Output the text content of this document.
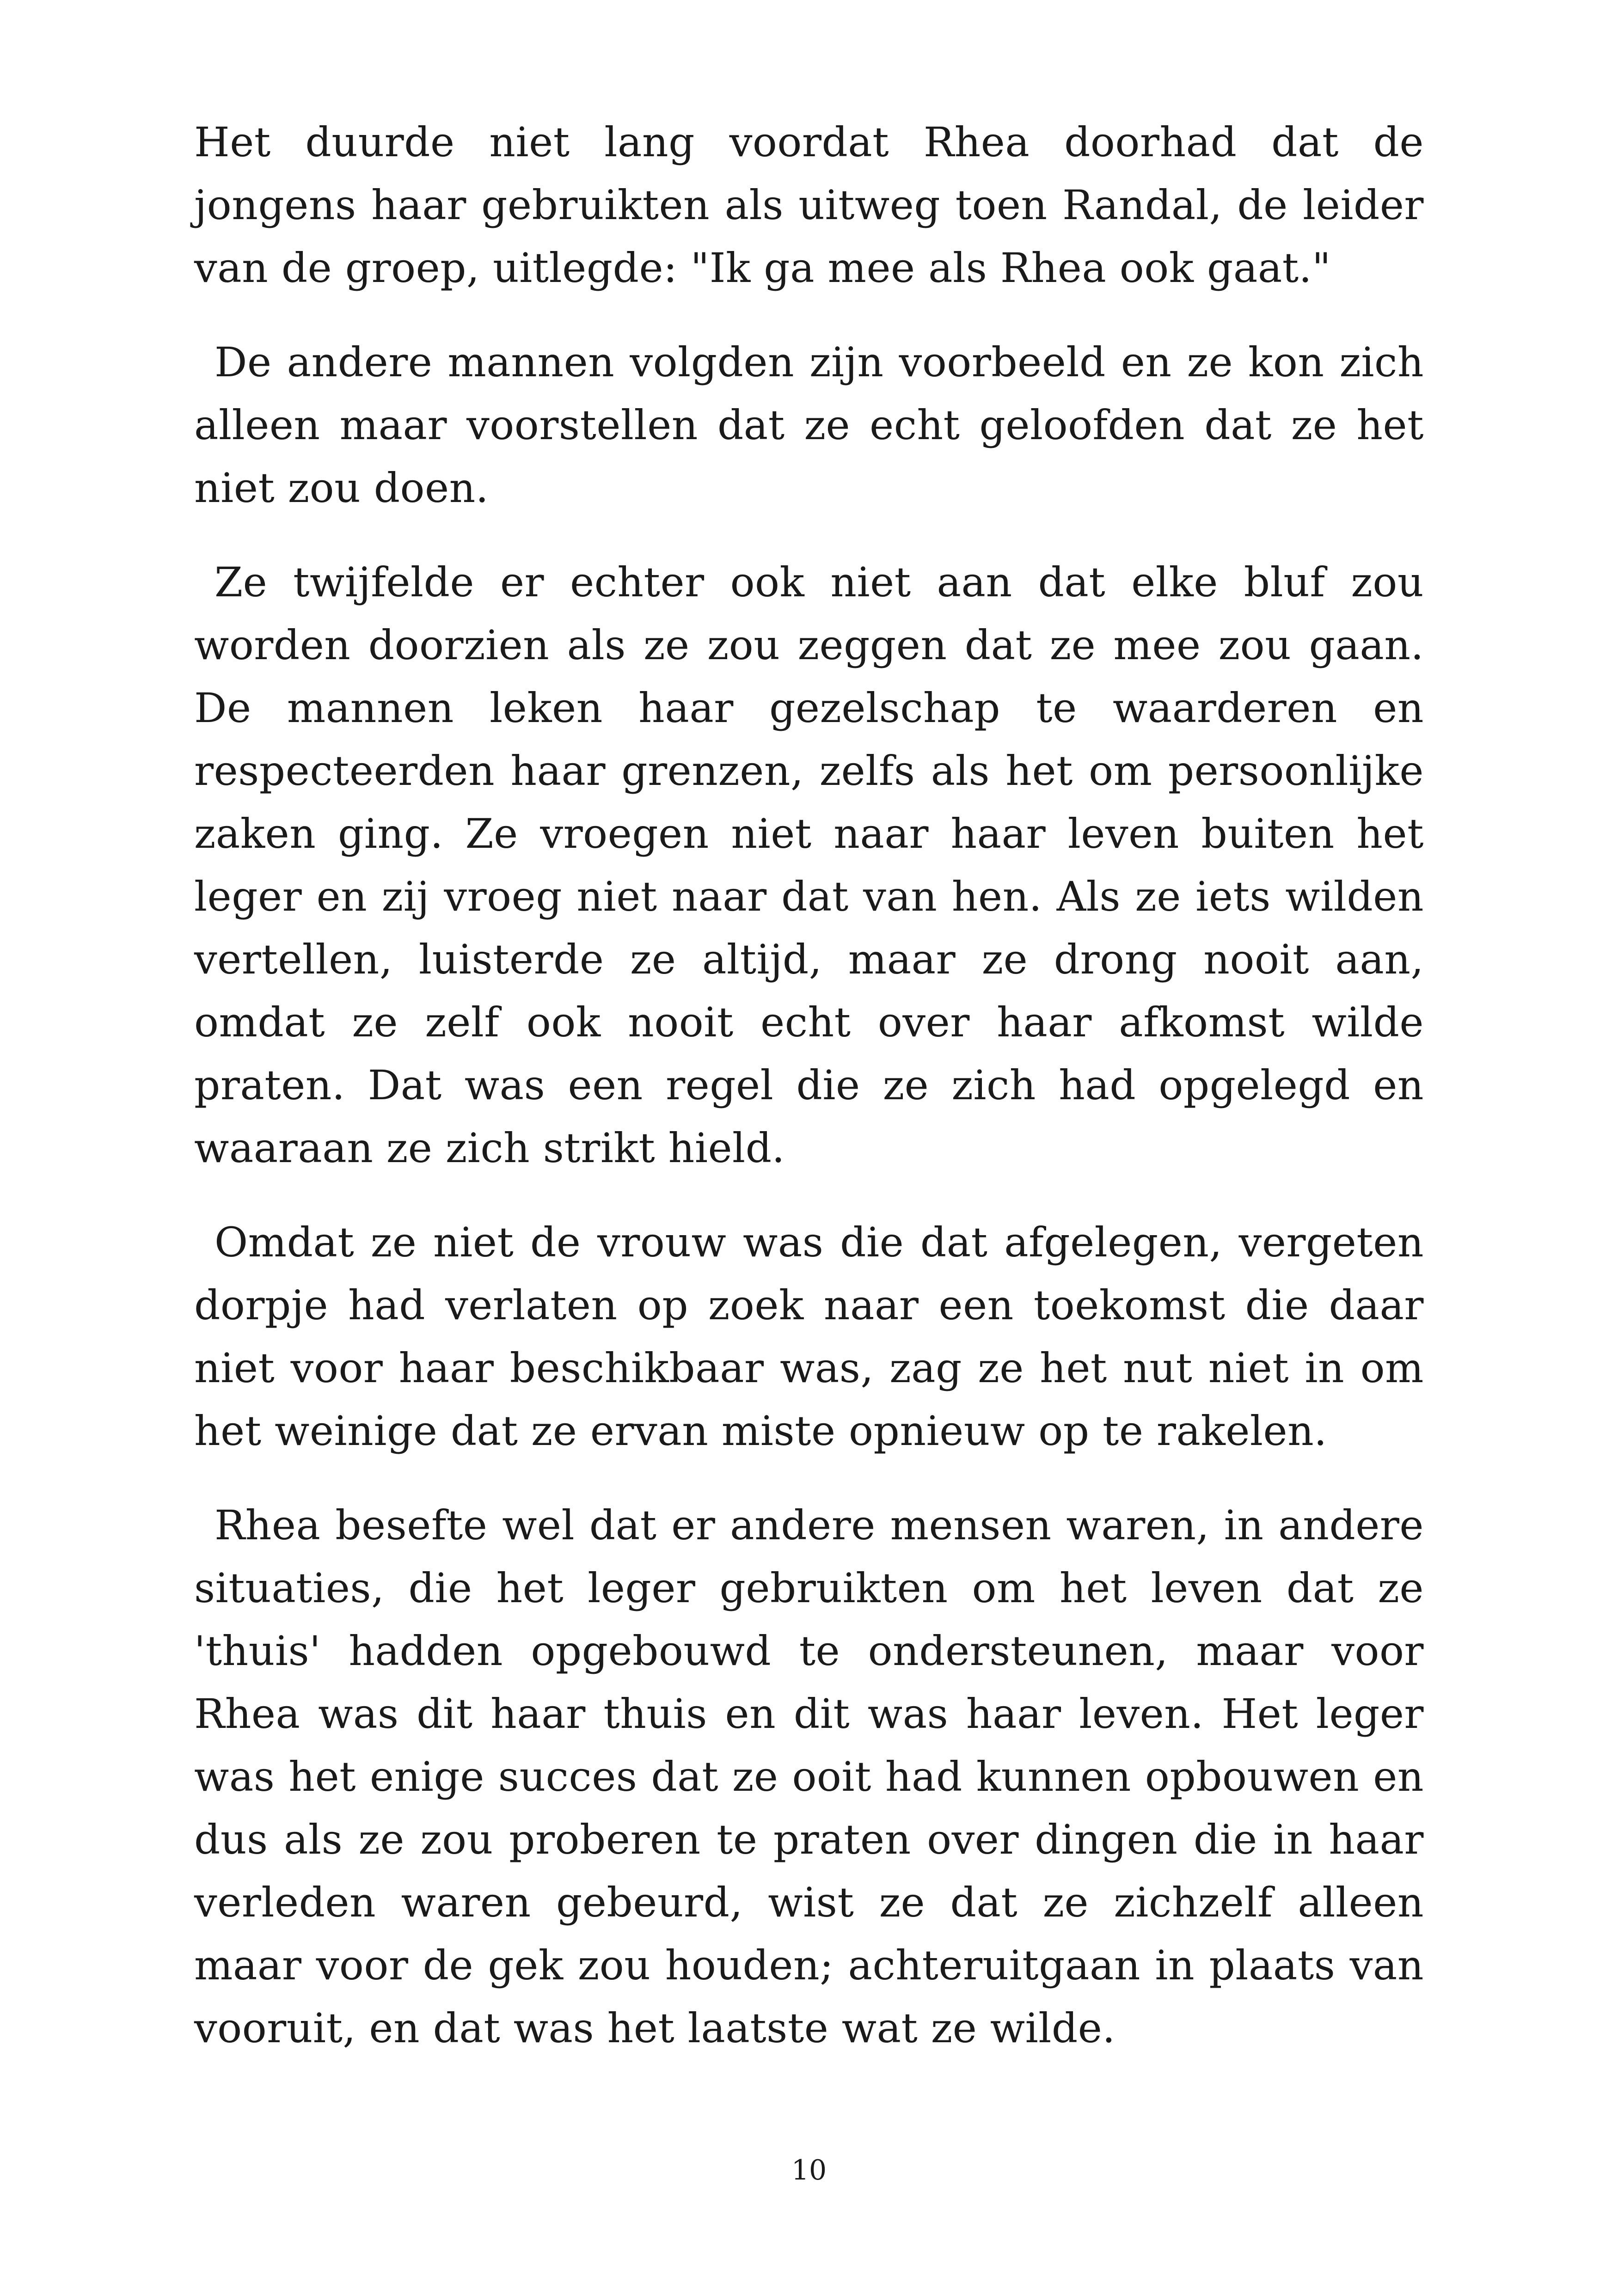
Het duurde niet lang voordat Rhea doorhad dat de jongens haar gebruikten als uitweg toen Randal, de leider van de groep, uitlegde: "Ik ga mee als Rhea ook gaat."

De andere mannen volgden zijn voorbeeld en ze kon zich alleen maar voorstellen dat ze echt geloofden dat ze het niet zou doen.

Ze twijfelde er echter ook niet aan dat elke bluf zou worden doorzien als ze zou zeggen dat ze mee zou gaan. De mannen leken haar gezelschap te waarderen en respecteerden haar grenzen, zelfs als het om persoonlijke zaken ging. Ze vroegen niet naar haar leven buiten het leger en zij vroeg niet naar dat van hen. Als ze iets wilden vertellen, luisterde ze altijd, maar ze drong nooit aan, omdat ze zelf ook nooit echt over haar afkomst wilde praten. Dat was een regel die ze zich had opgelegd en waaraan ze zich strikt hield.

Omdat ze niet de vrouw was die dat afgelegen, vergeten dorpje had verlaten op zoek naar een toekomst die daar niet voor haar beschikbaar was, zag ze het nut niet in om het weinige dat ze ervan miste opnieuw op te rakelen.

Rhea besefte wel dat er andere mensen waren, in andere situaties, die het leger gebruikten om het leven dat ze 'thuis' hadden opgebouwd te ondersteunen, maar voor Rhea was dit haar thuis en dit was haar leven. Het leger was het enige succes dat ze ooit had kunnen opbouwen en dus als ze zou proberen te praten over dingen die in haar verleden waren gebeurd, wist ze dat ze zichzelf alleen maar voor de gek zou houden; achteruitgaan in plaats van vooruit, en dat was het laatste wat ze wilde.

10
